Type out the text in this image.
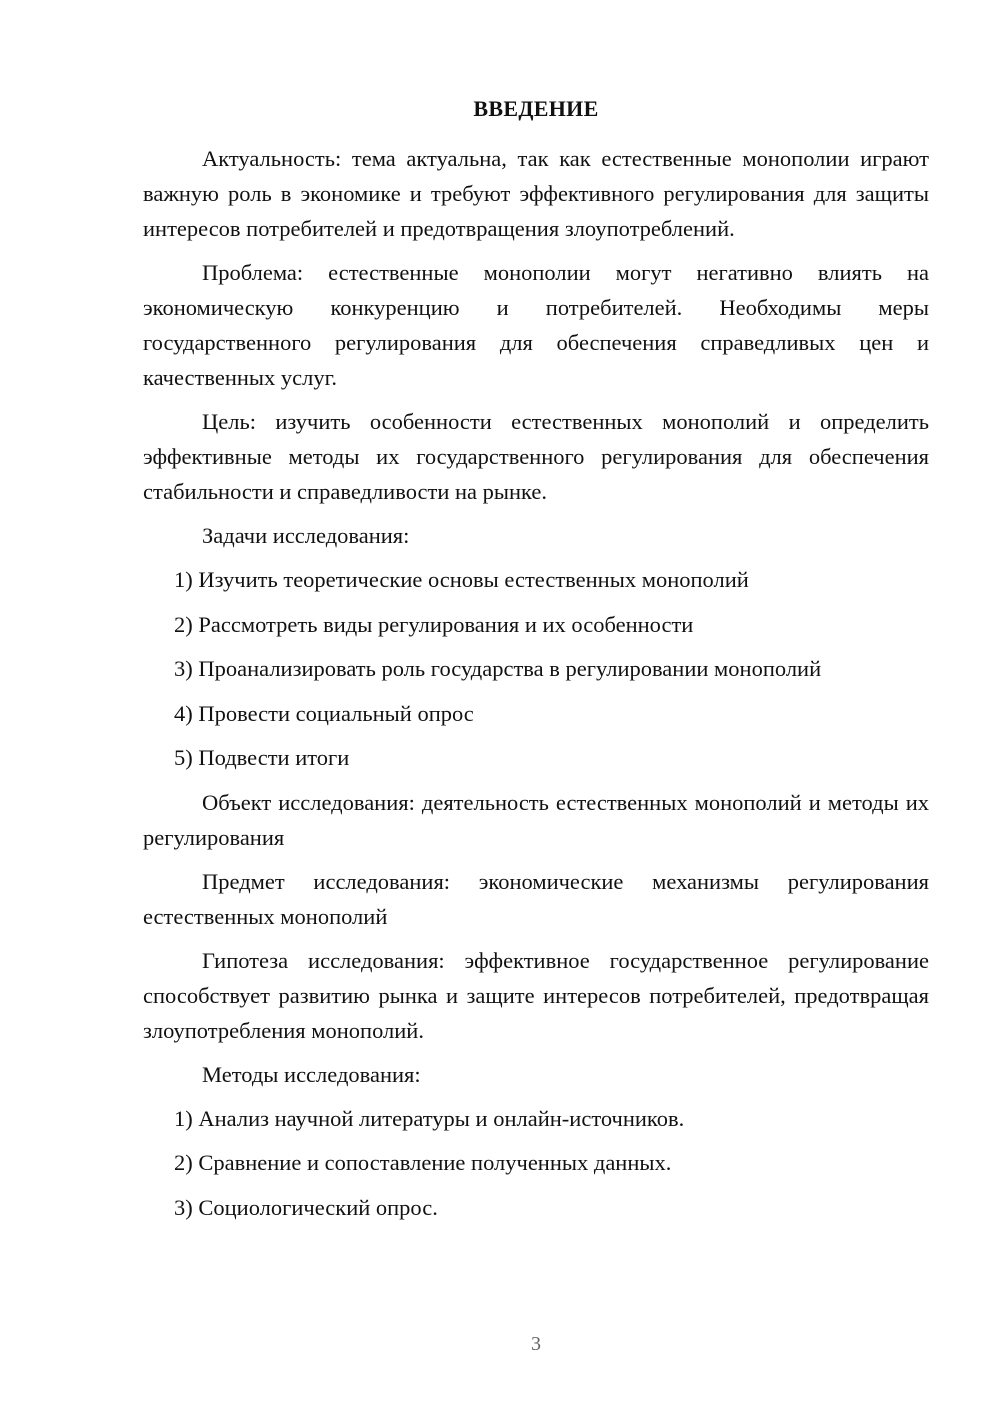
ВВЕДЕНИЕ

Актуальность: тема актуальна, так как естественные монополии играют важную роль в экономике и требуют эффективного регулирования для защиты интересов потребителей и предотвращения злоупотреблений.

Проблема: естественные монополии могут негативно влиять на экономическую конкуренцию и потребителей. Необходимы меры государственного регулирования для обеспечения справедливых цен и качественных услуг.

Цель: изучить особенности естественных монополий и определить эффективные методы их государственного регулирования для обеспечения стабильности и справедливости на рынке.

Задачи исследования:

1) Изучить теоретические основы естественных монополий

2) Рассмотреть виды регулирования и их особенности

3) Проанализировать роль государства в регулировании монополий

4) Провести социальный опрос

5) Подвести итоги

Объект исследования: деятельность естественных монополий и методы их регулирования

Предмет исследования: экономические механизмы регулирования естественных монополий

Гипотеза исследования: эффективное государственное регулирование способствует развитию рынка и защите интересов потребителей, предотвращая злоупотребления монополий.

Методы исследования:

1) Анализ научной литературы и онлайн-источников.

2) Сравнение и сопоставление полученных данных.

3) Социологический опрос.

3
